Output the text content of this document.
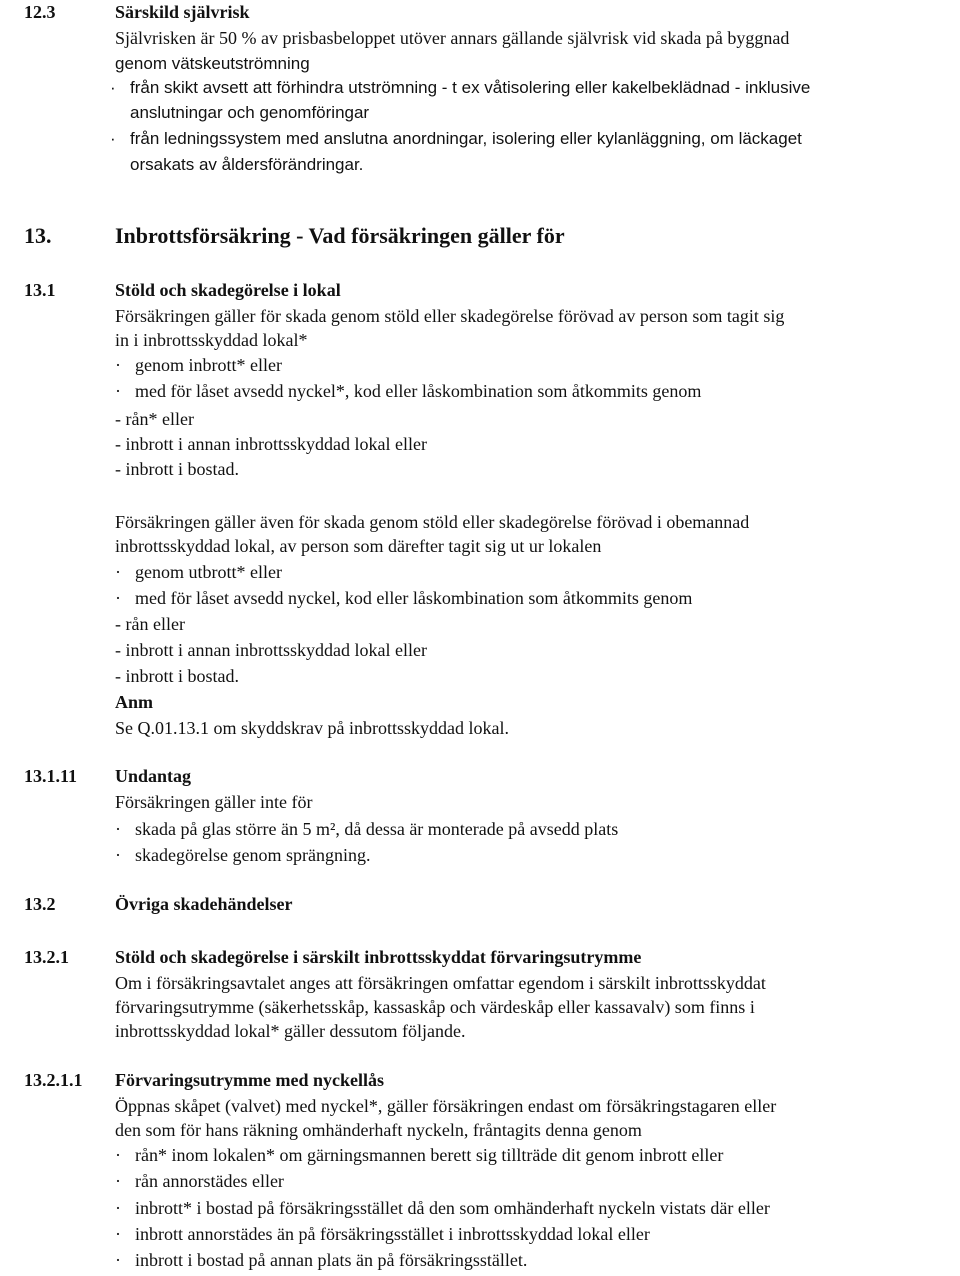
12.3	Särskild självrisk
Självrisken är 50 % av prisbasbeloppet utöver annars gällande självrisk vid skada på byggnad
genom vätskeutströmning
· från skikt avsett att förhindra utströmning - t ex våtisolering eller kakelbeklädnad - inklusive
anslutningar och genomföringar
· från ledningssystem med anslutna anordningar, isolering eller kylanläggning, om läckaget
orsakats av åldersförändringar.
13.	Inbrottsförsäkring - Vad försäkringen gäller för
13.1	Stöld och skadegörelse i lokal
Försäkringen gäller för skada genom stöld eller skadegörelse förövad av person som tagit sig
in i inbrottsskyddad lokal*
· genom inbrott* eller
· med för låset avsedd nyckel*, kod eller låskombination som åtkommits genom
- rån* eller
- inbrott i annan inbrottsskyddad lokal eller
- inbrott i bostad.
Försäkringen gäller även för skada genom stöld eller skadegörelse förövad i obemannad
inbrottsskyddad lokal, av person som därefter tagit sig ut ur lokalen
· genom utbrott* eller
· med för låset avsedd nyckel, kod eller låskombination som åtkommits genom
- rån eller
- inbrott i annan inbrottsskyddad lokal eller
- inbrott i bostad.
Anm
Se Q.01.13.1 om skyddskrav på inbrottsskyddad lokal.
13.1.11 Undantag
Försäkringen gäller inte för
· skada på glas större än 5 m², då dessa är monterade på avsedd plats
· skadegörelse genom sprängning.
13.2	Övriga skadehändelser
13.2.1	Stöld och skadegörelse i särskilt inbrottsskyddat förvaringsutrymme
Om i försäkringsavtalet anges att försäkringen omfattar egendom i särskilt inbrottsskyddat
förvaringsutrymme (säkerhetsskåp, kassaskåp och värdeskåp eller kassavalv) som finns i
inbrottsskyddad lokal* gäller dessutom följande.
13.2.1.1 Förvaringsutrymme med nyckellås
Öppnas skåpet (valvet) med nyckel*, gäller försäkringen endast om försäkringstagaren eller
den som för hans räkning omhänderhaft nyckeln, fråntagits denna genom
· rån* inom lokalen* om gärningsmannen berett sig tillträde dit genom inbrott eller
· rån annorstädes eller
· inbrott* i bostad på försäkringsstället då den som omhänderhaft nyckeln vistats där eller
· inbrott annorstädes än på försäkringsstället i inbrottsskyddad lokal eller
· inbrott i bostad på annan plats än på försäkringsstället.
